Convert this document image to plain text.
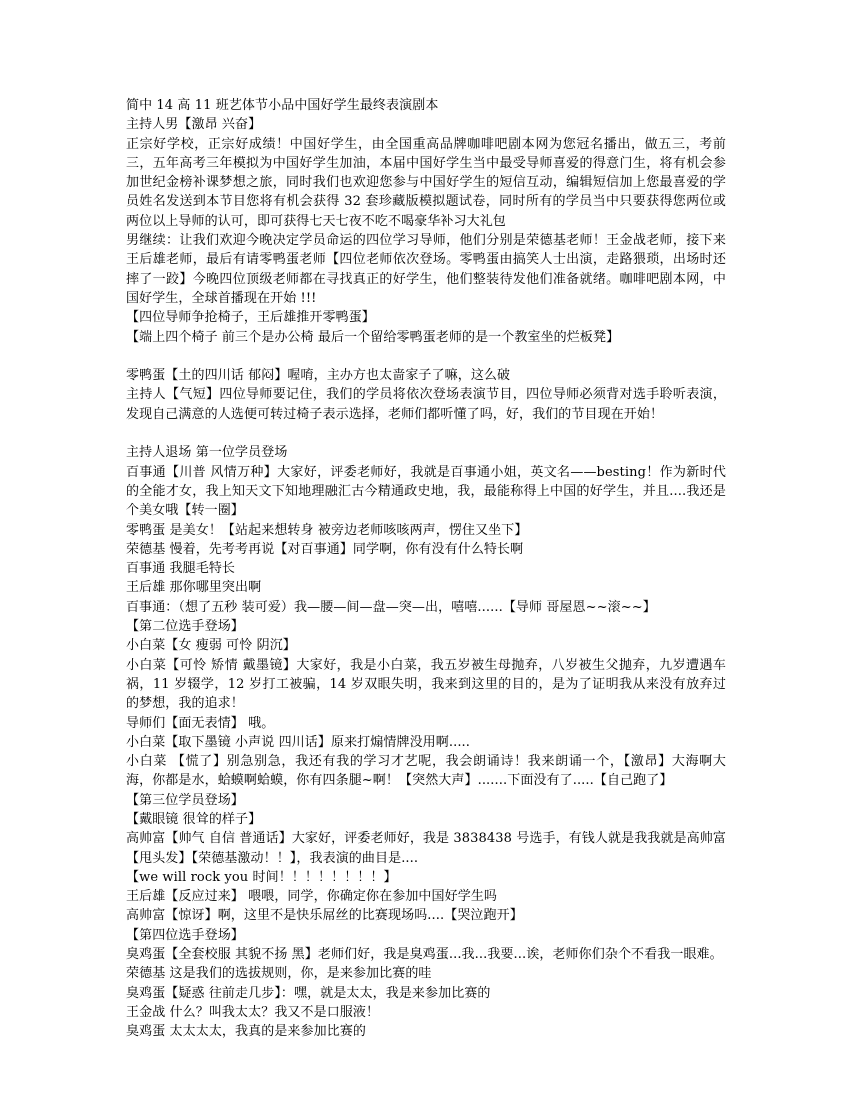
简中 14 高 11 班艺体节小品中国好学生最终表演剧本

主持人男【激昂 兴奋】

正宗好学校，正宗好成绩！中国好学生，由全国重高品牌咖啡吧剧本网为您冠名播出，做五三，考前三，五年高考三年模拟为中国好学生加油，本届中国好学生当中最受导师喜爱的得意门生，将有机会参加世纪金榜补课梦想之旅，同时我们也欢迎您参与中国好学生的短信互动，编辑短信加上您最喜爱的学员姓名发送到本节目您将有机会获得 32 套珍藏版模拟题试卷，同时所有的学员当中只要获得您两位或两位以上导师的认可，即可获得七天七夜不吃不喝豪华补习大礼包

男继续：让我们欢迎今晚决定学员命运的四位学习导师，他们分别是荣德基老师！王金战老师，接下来王后雄老师，最后有请零鸭蛋老师【四位老师依次登场。零鸭蛋由搞笑人士出演，走路猥琐，出场时还摔了一跤】今晚四位顶级老师都在寻找真正的好学生，他们整装待发他们准备就绪。咖啡吧剧本网，中国好学生，全球首播现在开始 !!!

【四位导师争抢椅子，王后雄推开零鸭蛋】

【端上四个椅子 前三个是办公椅 最后一个留给零鸭蛋老师的是一个教室坐的烂板凳】

零鸭蛋【土的四川话 郁闷】喔唷，主办方也太啬家子了嘛，这么破

主持人【气短】四位导师要记住，我们的学员将依次登场表演节目，四位导师必须背对选手聆听表演，发现自己满意的人选便可转过椅子表示选择，老师们都听懂了吗，好，我们的节目现在开始！

主持人退场 第一位学员登场

百事通【川普 风情万种】大家好，评委老师好，我就是百事通小姐，英文名——besting！作为新时代的全能才女，我上知天文下知地理融汇古今精通政史地，我，最能称得上中国的好学生，并且....我还是个美女哦【转一圈】

零鸭蛋 是美女！【站起来想转身 被旁边老师咳咳两声，愣住又坐下】

荣德基 慢着，先考考再说【对百事通】同学啊，你有没有什么特长啊

百事通 我腿毛特长

王后雄 那你哪里突出啊

百事通：（想了五秒 装可爱）我—腰—间—盘—突—出，嘻嘻......【导师 哥屋恩~~滚~~】

【第二位选手登场】

小白菜【女 瘦弱 可怜 阴沉】

小白菜【可怜 矫情 戴墨镜】大家好，我是小白菜，我五岁被生母抛弃，八岁被生父抛弃，九岁遭遇车祸，11 岁辍学，12 岁打工被骗，14 岁双眼失明，我来到这里的目的，是为了证明我从来没有放弃过的梦想，我的追求！

导师们【面无表情】 哦。

小白菜【取下墨镜 小声说 四川话】原来打煽情牌没用啊.....

小白菜 【慌了】别急别急，我还有我的学习才艺呢，我会朗诵诗！我来朗诵一个，【激昂】大海啊大海，你都是水，蛤蟆啊蛤蟆，你有四条腿~啊！【突然大声】.......下面没有了.....【自己跑了】

【第三位学员登场】

【戴眼镜 很耸的样子】

高帅富【帅气 自信 普通话】大家好，评委老师好，我是 3838438 号选手，有钱人就是我我就是高帅富【甩头发】【荣德基激动！！】，我表演的曲目是....

【we will rock you 时间！！！！！！！！】

王后雄【反应过来】 喂喂，同学，你确定你在参加中国好学生吗

高帅富【惊讶】啊，这里不是快乐屌丝的比赛现场吗....【哭泣跑开】

【第四位选手登场】

臭鸡蛋【全套校服 其貌不扬 黑】老师们好，我是臭鸡蛋...我...我要...诶，老师你们杂个不看我一眼难。

荣德基 这是我们的选拔规则，你，是来参加比赛的哇

臭鸡蛋【疑惑 往前走几步】：嘿，就是太太，我是来参加比赛的

王金战 什么？叫我太太？我又不是口服液！

臭鸡蛋 太太太太，我真的是来参加比赛的
